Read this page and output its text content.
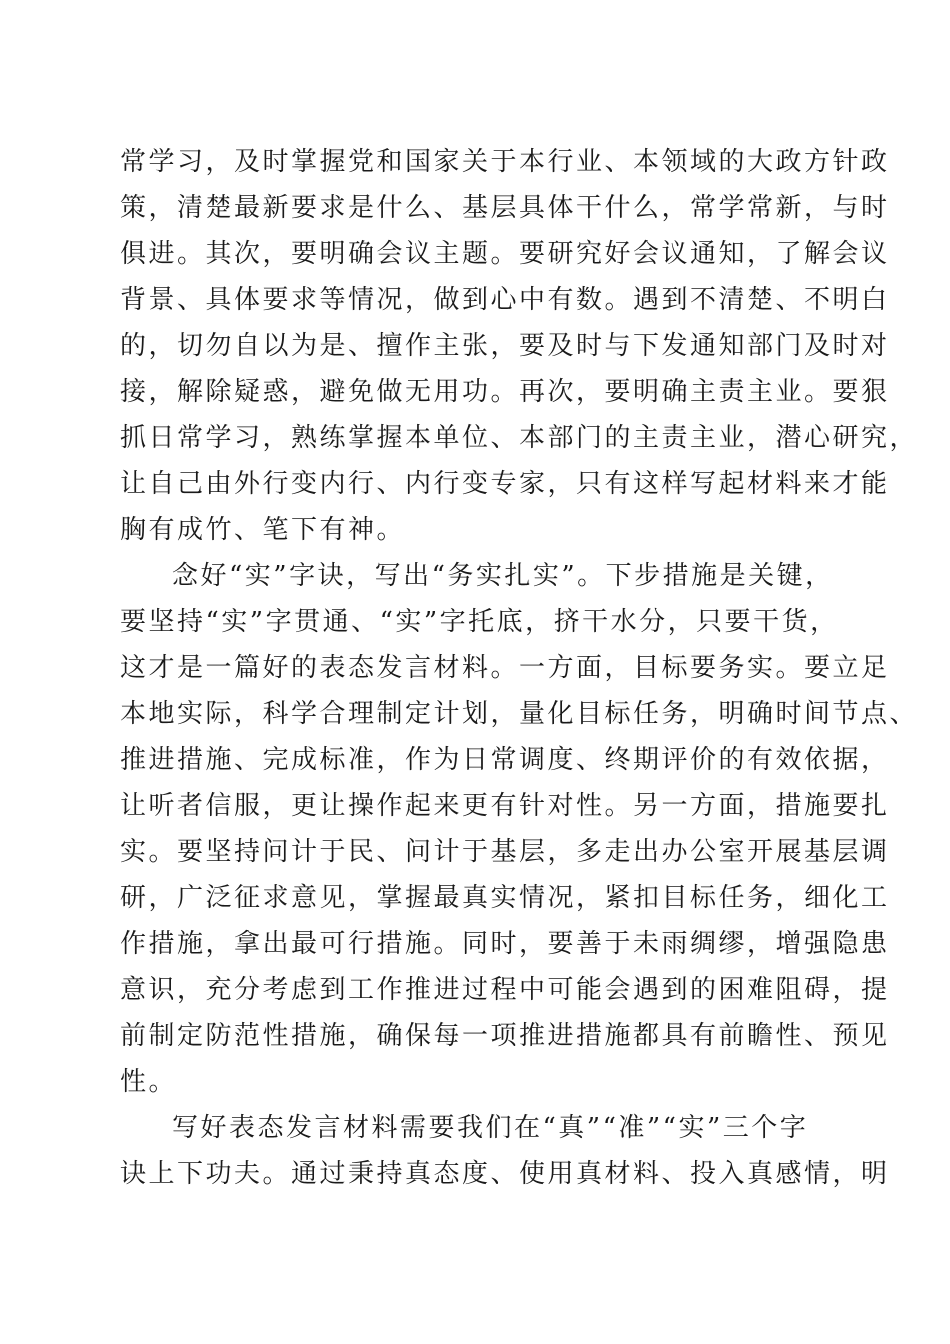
常学习，及时掌握党和国家关于本行业、本领域的大政方针政
策，清楚最新要求是什么、基层具体干什么，常学常新，与时
俱进。其次，要明确会议主题。要研究好会议通知，了解会议
背景、具体要求等情况，做到心中有数。遇到不清楚、不明白
的，切勿自以为是、擅作主张，要及时与下发通知部门及时对
接，解除疑惑，避免做无用功。再次，要明确主责主业。要狠
抓日常学习，熟练掌握本单位、本部门的主责主业，潜心研究，
让自己由外行变内行、内行变专家，只有这样写起材料来才能
胸有成竹、笔下有神。
念好“实”字诀，写出“务实扎实”。下步措施是关键，
要坚持“实”字贯通、“实”字托底，挤干水分，只要干货，
这才是一篇好的表态发言材料。一方面，目标要务实。要立足
本地实际，科学合理制定计划，量化目标任务，明确时间节点、
推进措施、完成标准，作为日常调度、终期评价的有效依据，
让听者信服，更让操作起来更有针对性。另一方面，措施要扎
实。要坚持问计于民、问计于基层，多走出办公室开展基层调
研，广泛征求意见，掌握最真实情况，紧扣目标任务，细化工
作措施，拿出最可行措施。同时，要善于未雨绸缪，增强隐患
意识，充分考虑到工作推进过程中可能会遇到的困难阻碍，提
前制定防范性措施，确保每一项推进措施都具有前瞻性、预见
性。
写好表态发言材料需要我们在“真”“准”“实”三个字
诀上下功夫。通过秉持真态度、使用真材料、投入真感情，明
